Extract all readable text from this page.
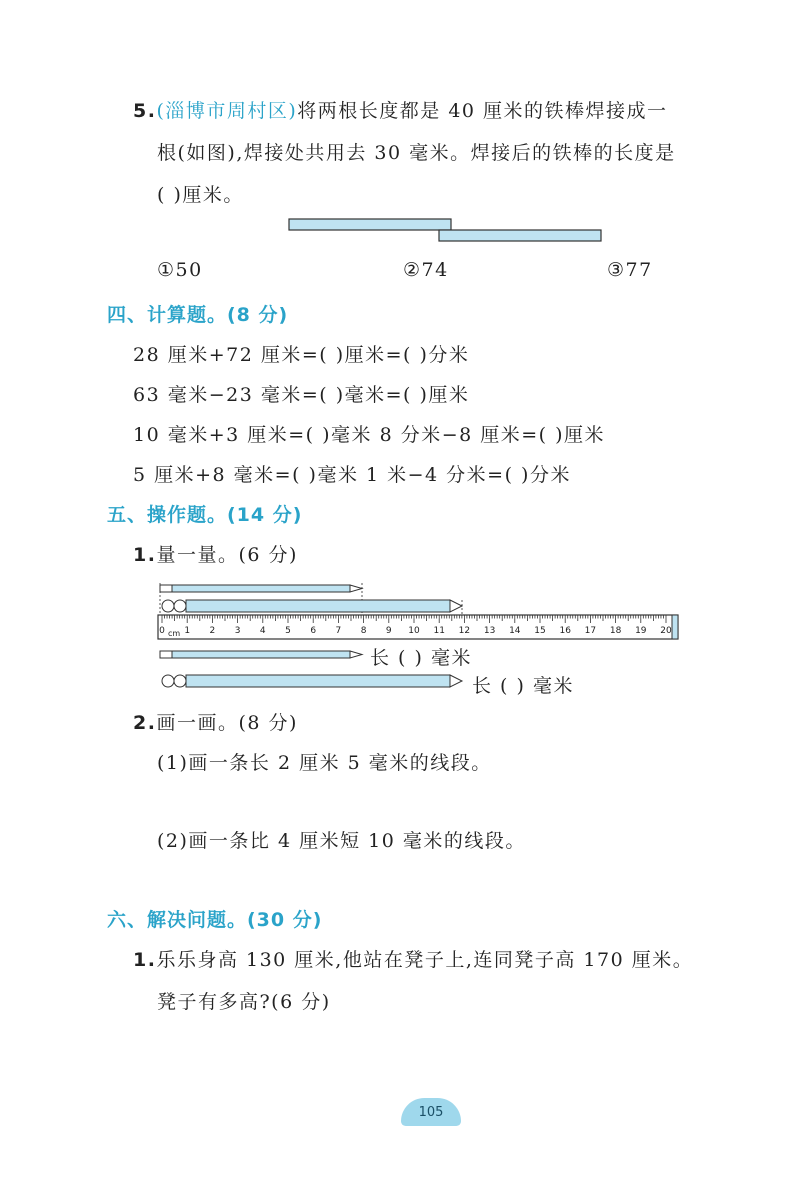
5.(淄博市周村区)将两根长度都是 40 厘米的铁棒焊接成一
根(如图),焊接处共用去 30 毫米。焊接后的铁棒的长度是
( )厘米。
①50	②74	③77
四、计算题。(8 分)
28 厘米+72 厘米=( )厘米=( )分米
63 毫米−23 毫米=( )毫米=( )厘米
10 毫米+3 厘米=( )毫米 8 分米−8 厘米=( )厘米
5 厘米+8 毫米=( )毫米 1 米−4 分米=( )分米
五、操作题。(14 分)
1.量一量。(6 分)
0 1 2 3 4 5 6 7 8 9 10 11 12 13 14 15 16 17 18 19 20
cm
长 ( ) 毫米
长 ( ) 毫米
2.画一画。(8 分)
(1)画一条长 2 厘米 5 毫米的线段。
(2)画一条比 4 厘米短 10 毫米的线段。
六、解决问题。(30 分)
1.乐乐身高 130 厘米,他站在凳子上,连同凳子高 170 厘米。
凳子有多高?(6 分)
105
